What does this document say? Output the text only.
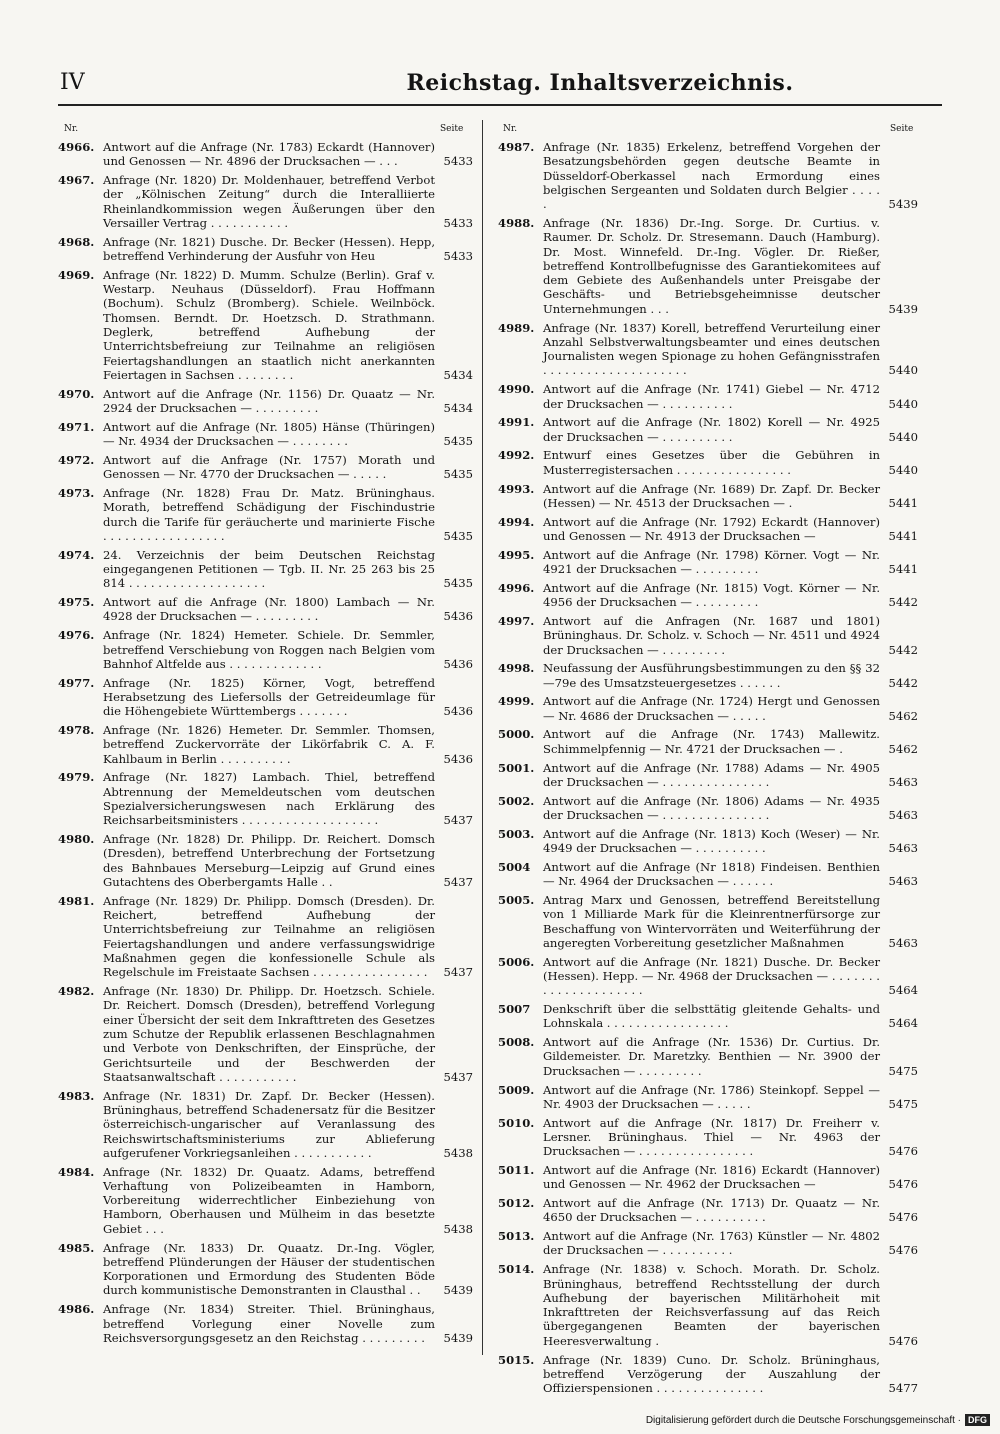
IV	Reichstag. Inhaltsverzeichnis.
Nr.	Seite	Nr.	Seite
4966. Antwort auf die Anfrage (Nr. 1783) Eckardt (Hannover) und Genossen — Nr. 4896 der Drucksachen — . . .	5433
4967. Anfrage (Nr. 1820) Dr. Moldenhauer, betreffend Verbot der „Kölnischen Zeitung“ durch die Interalliierte Rheinlandkommission wegen Äußerungen über den Versailler Vertrag . . . . . . . . . . .	5433
4968. Anfrage (Nr. 1821) Dusche. Dr. Becker (Hessen). Hepp, betreffend Verhinderung der Ausfuhr von Heu	5433
4969. Anfrage (Nr. 1822) D. Mumm. Schulze (Berlin). Graf v. Westarp. Neuhaus (Düsseldorf). Frau Hoffmann (Bochum). Schulz (Bromberg). Schiele. Weilnböck. Thomsen. Berndt. Dr. Hoetzsch. D. Strathmann. Deglerk, betreffend Aufhebung der Unterrichtsbefreiung zur Teilnahme an religiösen Feiertagshandlungen an staatlich nicht anerkannten Feiertagen in Sachsen . . . . . . . .	5434
4970. Antwort auf die Anfrage (Nr. 1156) Dr. Quaatz — Nr. 2924 der Drucksachen — . . . . . . . . .	5434
4971. Antwort auf die Anfrage (Nr. 1805) Hänse (Thüringen) — Nr. 4934 der Drucksachen — . . . . . . . .	5435
4972. Antwort auf die Anfrage (Nr. 1757) Morath und Genossen — Nr. 4770 der Drucksachen — . . . . .	5435
4973. Anfrage (Nr. 1828) Frau Dr. Matz. Brüninghaus. Morath, betreffend Schädigung der Fischindustrie durch die Tarife für geräucherte und marinierte Fische . . . . . . . . . . . . . . . . .	5435
4974. 24. Verzeichnis der beim Deutschen Reichstag eingegangenen Petitionen — Tgb. II. Nr. 25 263 bis 25 814 . . . . . . . . . . . . . . . . . . .	5435
4975. Antwort auf die Anfrage (Nr. 1800) Lambach — Nr. 4928 der Drucksachen — . . . . . . . . .	5436
4976. Anfrage (Nr. 1824) Hemeter. Schiele. Dr. Semmler, betreffend Verschiebung von Roggen nach Belgien vom Bahnhof Altfelde aus . . . . . . . . . . . . .	5436
4977. Anfrage (Nr. 1825) Körner, Vogt, betreffend Herabsetzung des Liefersolls der Getreideumlage für die Höhengebiete Württembergs . . . . . . .	5436
4978. Anfrage (Nr. 1826) Hemeter. Dr. Semmler. Thomsen, betreffend Zuckervorräte der Likörfabrik C. A. F. Kahlbaum in Berlin . . . . . . . . . .	5436
4979. Anfrage (Nr. 1827) Lambach. Thiel, betreffend Abtrennung der Memeldeutschen vom deutschen Spezialversicherungswesen nach Erklärung des Reichsarbeitsministers . . . . . . . . . . . . . . . . . . .	5437
4980. Anfrage (Nr. 1828) Dr. Philipp. Dr. Reichert. Domsch (Dresden), betreffend Unterbrechung der Fortsetzung des Bahnbaues Merseburg—Leipzig auf Grund eines Gutachtens des Oberbergamts Halle . .	5437
4981. Anfrage (Nr. 1829) Dr. Philipp. Domsch (Dresden). Dr. Reichert, betreffend Aufhebung der Unterrichtsbefreiung zur Teilnahme an religiösen Feiertagshandlungen und andere verfassungswidrige Maßnahmen gegen die konfessionelle Schule als Regelschule im Freistaate Sachsen . . . . . . . . . . . . . . . .	5437
4982. Anfrage (Nr. 1830) Dr. Philipp. Dr. Hoetzsch. Schiele. Dr. Reichert. Domsch (Dresden), betreffend Vorlegung einer Übersicht der seit dem Inkrafttreten des Gesetzes zum Schutze der Republik erlassenen Beschlagnahmen und Verbote von Denkschriften, der Einsprüche, der Gerichtsurteile und der Beschwerden der Staatsanwaltschaft . . . . . . . . . . .	5437
4983. Anfrage (Nr. 1831) Dr. Zapf. Dr. Becker (Hessen). Brüninghaus, betreffend Schadenersatz für die Besitzer österreichisch-ungarischer auf Veranlassung des Reichswirtschaftsministeriums zur Ablieferung aufgerufener Vorkriegsanleihen . . . . . . . . . . .	5438
4984. Anfrage (Nr. 1832) Dr. Quaatz. Adams, betreffend Verhaftung von Polizeibeamten in Hamborn, Vorbereitung widerrechtlicher Einbeziehung von Hamborn, Oberhausen und Mülheim in das besetzte Gebiet . . .	5438
4985. Anfrage (Nr. 1833) Dr. Quaatz. Dr.-Ing. Vögler, betreffend Plünderungen der Häuser der studentischen Korporationen und Ermordung des Studenten Böde durch kommunistische Demonstranten in Clausthal . .	5439
4986. Anfrage (Nr. 1834) Streiter. Thiel. Brüninghaus, betreffend Vorlegung einer Novelle zum Reichsversorgungsgesetz an den Reichstag . . . . . . . . .	5439
4987. Anfrage (Nr. 1835) Erkelenz, betreffend Vorgehen der Besatzungsbehörden gegen deutsche Beamte in Düsseldorf-Oberkassel nach Ermordung eines belgischen Sergeanten und Soldaten durch Belgier . . . . .	5439
4988. Anfrage (Nr. 1836) Dr.-Ing. Sorge. Dr. Curtius. v. Raumer. Dr. Scholz. Dr. Stresemann. Dauch (Hamburg). Dr. Most. Winnefeld. Dr.-Ing. Vögler. Dr. Rießer, betreffend Kontrollbefugnisse des Garantiekomitees auf dem Gebiete des Außenhandels unter Preisgabe der Geschäfts- und Betriebsgeheimnisse deutscher Unternehmungen . . .	5439
4989. Anfrage (Nr. 1837) Korell, betreffend Verurteilung einer Anzahl Selbstverwaltungsbeamter und eines deutschen Journalisten wegen Spionage zu hohen Gefängnisstrafen . . . . . . . . . . . . . . . . . . . .	5440
4990. Antwort auf die Anfrage (Nr. 1741) Giebel — Nr. 4712 der Drucksachen — . . . . . . . . . .	5440
4991. Antwort auf die Anfrage (Nr. 1802) Korell — Nr. 4925 der Drucksachen — . . . . . . . . . .	5440
4992. Entwurf eines Gesetzes über die Gebühren in Musterregistersachen . . . . . . . . . . . . . . . .	5440
4993. Antwort auf die Anfrage (Nr. 1689) Dr. Zapf. Dr. Becker (Hessen) — Nr. 4513 der Drucksachen — .	5441
4994. Antwort auf die Anfrage (Nr. 1792) Eckardt (Hannover) und Genossen — Nr. 4913 der Drucksachen —	5441
4995. Antwort auf die Anfrage (Nr. 1798) Körner. Vogt — Nr. 4921 der Drucksachen — . . . . . . . . .	5441
4996. Antwort auf die Anfrage (Nr. 1815) Vogt. Körner — Nr. 4956 der Drucksachen — . . . . . . . . .	5442
4997. Antwort auf die Anfragen (Nr. 1687 und 1801) Brüninghaus. Dr. Scholz. v. Schoch — Nr. 4511 und 4924 der Drucksachen — . . . . . . . . .	5442
4998. Neufassung der Ausführungsbestimmungen zu den §§ 32—79e des Umsatzsteuergesetzes . . . . . .	5442
4999. Antwort auf die Anfrage (Nr. 1724) Hergt und Genossen — Nr. 4686 der Drucksachen — . . . . .	5462
5000. Antwort auf die Anfrage (Nr. 1743) Mallewitz. Schimmelpfennig — Nr. 4721 der Drucksachen — .	5462
5001. Antwort auf die Anfrage (Nr. 1788) Adams — Nr. 4905 der Drucksachen — . . . . . . . . . . . . . . .	5463
5002. Antwort auf die Anfrage (Nr. 1806) Adams — Nr. 4935 der Drucksachen — . . . . . . . . . . . . . . .	5463
5003. Antwort auf die Anfrage (Nr. 1813) Koch (Weser) — Nr. 4949 der Drucksachen — . . . . . . . . . .	5463
5004	Antwort auf die Anfrage (Nr 1818) Findeisen. Benthien — Nr. 4964 der Drucksachen — . . . . . .	5463
5005. Antrag Marx und Genossen, betreffend Bereitstellung von 1 Milliarde Mark für die Kleinrentnerfürsorge zur Beschaffung von Wintervorräten und Weiterführung der angeregten Vorbereitung gesetzlicher Maßnahmen	5463
5006. Antwort auf die Anfrage (Nr. 1821) Dusche. Dr. Becker (Hessen). Hepp. — Nr. 4968 der Drucksachen — . . . . . . . . . . . . . . . . . . . . .	5464
5007	Denkschrift über die selbsttätig gleitende Gehalts- und Lohnskala . . . . . . . . . . . . . . . . .	5464
5008. Antwort auf die Anfrage (Nr. 1536) Dr. Curtius. Dr. Gildemeister. Dr. Maretzky. Benthien — Nr. 3900 der Drucksachen — . . . . . . . . .	5475
5009. Antwort auf die Anfrage (Nr. 1786) Steinkopf. Seppel — Nr. 4903 der Drucksachen — . . . . .	5475
5010. Antwort auf die Anfrage (Nr. 1817) Dr. Freiherr v. Lersner. Brüninghaus. Thiel — Nr. 4963 der Drucksachen — . . . . . . . . . . . . . . . .	5476
5011. Antwort auf die Anfrage (Nr. 1816) Eckardt (Hannover) und Genossen — Nr. 4962 der Drucksachen —	5476
5012. Antwort auf die Anfrage (Nr. 1713) Dr. Quaatz — Nr. 4650 der Drucksachen — . . . . . . . . . .	5476
5013. Antwort auf die Anfrage (Nr. 1763) Künstler — Nr. 4802 der Drucksachen — . . . . . . . . . .	5476
5014. Anfrage (Nr. 1838) v. Schoch. Morath. Dr. Scholz. Brüninghaus, betreffend Rechtsstellung der durch Aufhebung der bayerischen Militärhoheit mit Inkrafttreten der Reichsverfassung auf das Reich übergegangenen Beamten der bayerischen Heeresverwaltung .	5476
5015. Anfrage (Nr. 1839) Cuno. Dr. Scholz. Brüninghaus, betreffend Verzögerung der Auszahlung der Offizierspensionen . . . . . . . . . . . . . . .	5477
Digitalisierung gefördert durch die Deutsche Forschungsgemeinschaft · DFG
